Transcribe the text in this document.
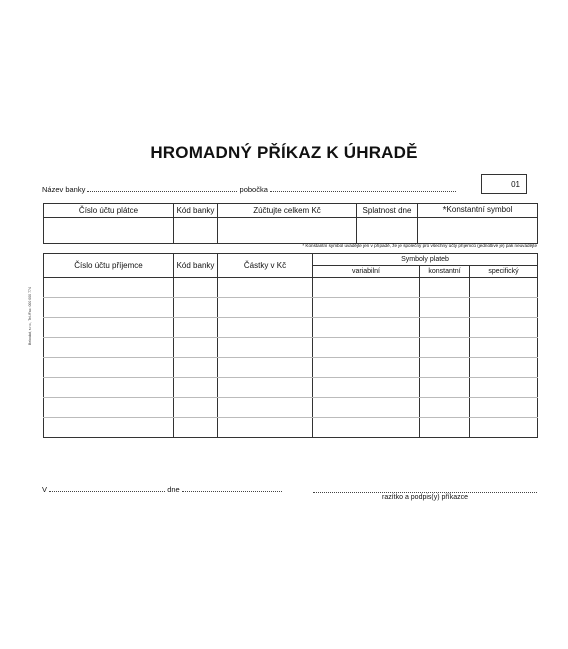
HROMADNÝ PŘÍKAZ K ÚHRADĚ
Název banky	pobočka
01
Číslo účtu plátce	Kód banky	Zúčtujte celkem Kč	Splatnost dne	*Konstantní symbol

* Konstantní symbol uvádějte jen v případě, že je společný pro všechny účty příjemců (jednotlivé je) pak neuvádějte
Číslo účtu příjemce	Kód banky	Částky v Kč	Symboly plateb		
			variabilní	konstantní	specifický

Bekodat, s.r.o., Tel./Fax: 000 000 774
V	dne
razítko a podpis(y) příkazce
